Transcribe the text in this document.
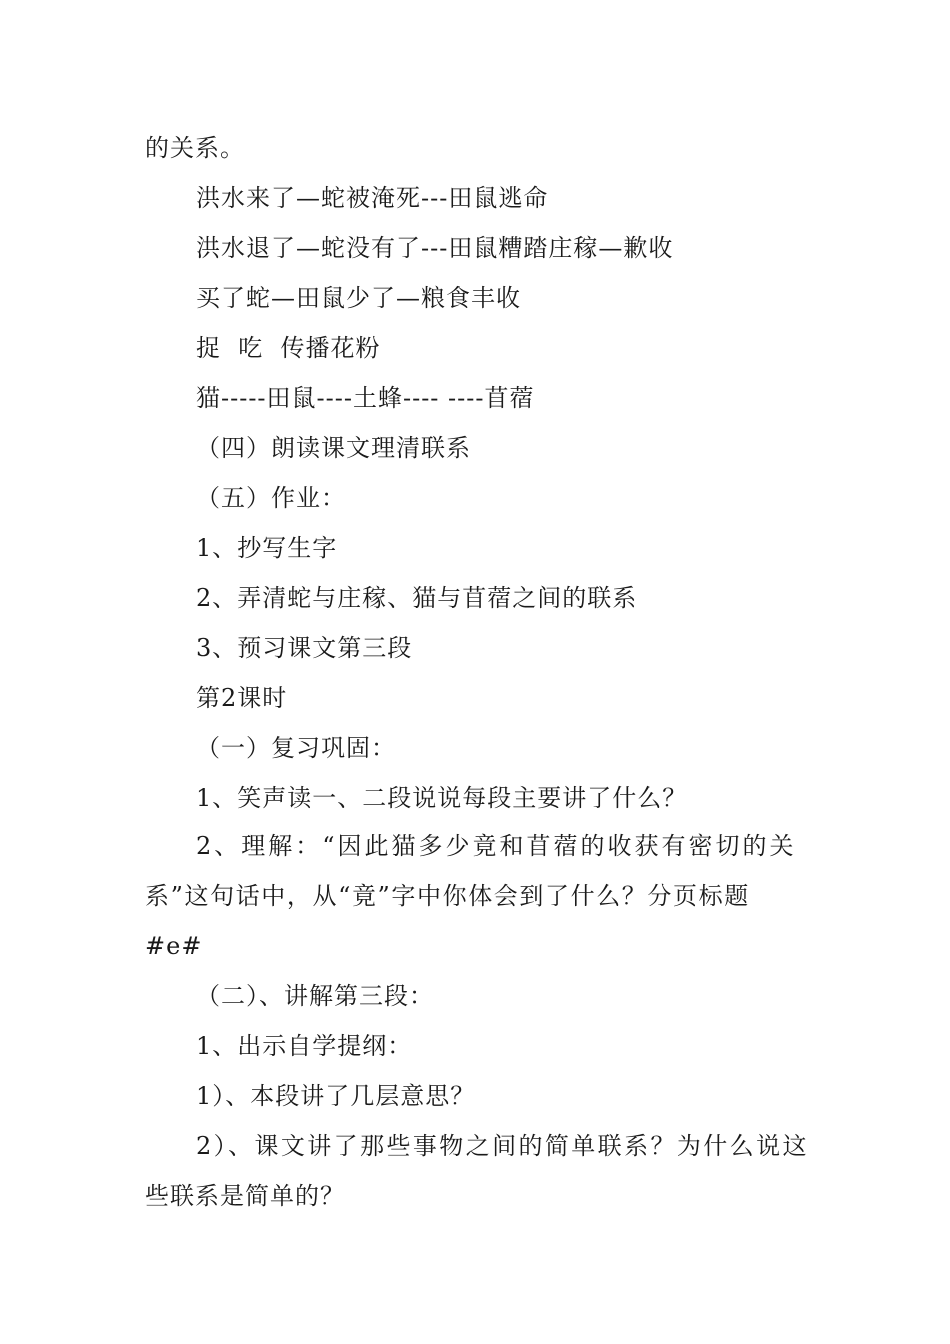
的关系。
洪水来了—蛇被淹死---田鼠逃命
洪水退了—蛇没有了---田鼠糟踏庄稼—歉收
买了蛇—田鼠少了—粮食丰收
捉  吃  传播花粉
猫-----田鼠----土蜂---- ----苜蓿
（四）朗读课文理清联系
（五）作业：
1、抄写生字
2、弄清蛇与庄稼、猫与苜蓿之间的联系
3、预习课文第三段
第2课时
（一）复习巩固：
1、笑声读一、二段说说每段主要讲了什么？
2、理解：“因此猫多少竟和苜蓿的收获有密切的关
系”这句话中，从“竟”字中你体会到了什么？分页标题
#e#
（二）、讲解第三段：
1、出示自学提纲：
1）、本段讲了几层意思？
2）、课文讲了那些事物之间的简单联系？为什么说这
些联系是简单的？
